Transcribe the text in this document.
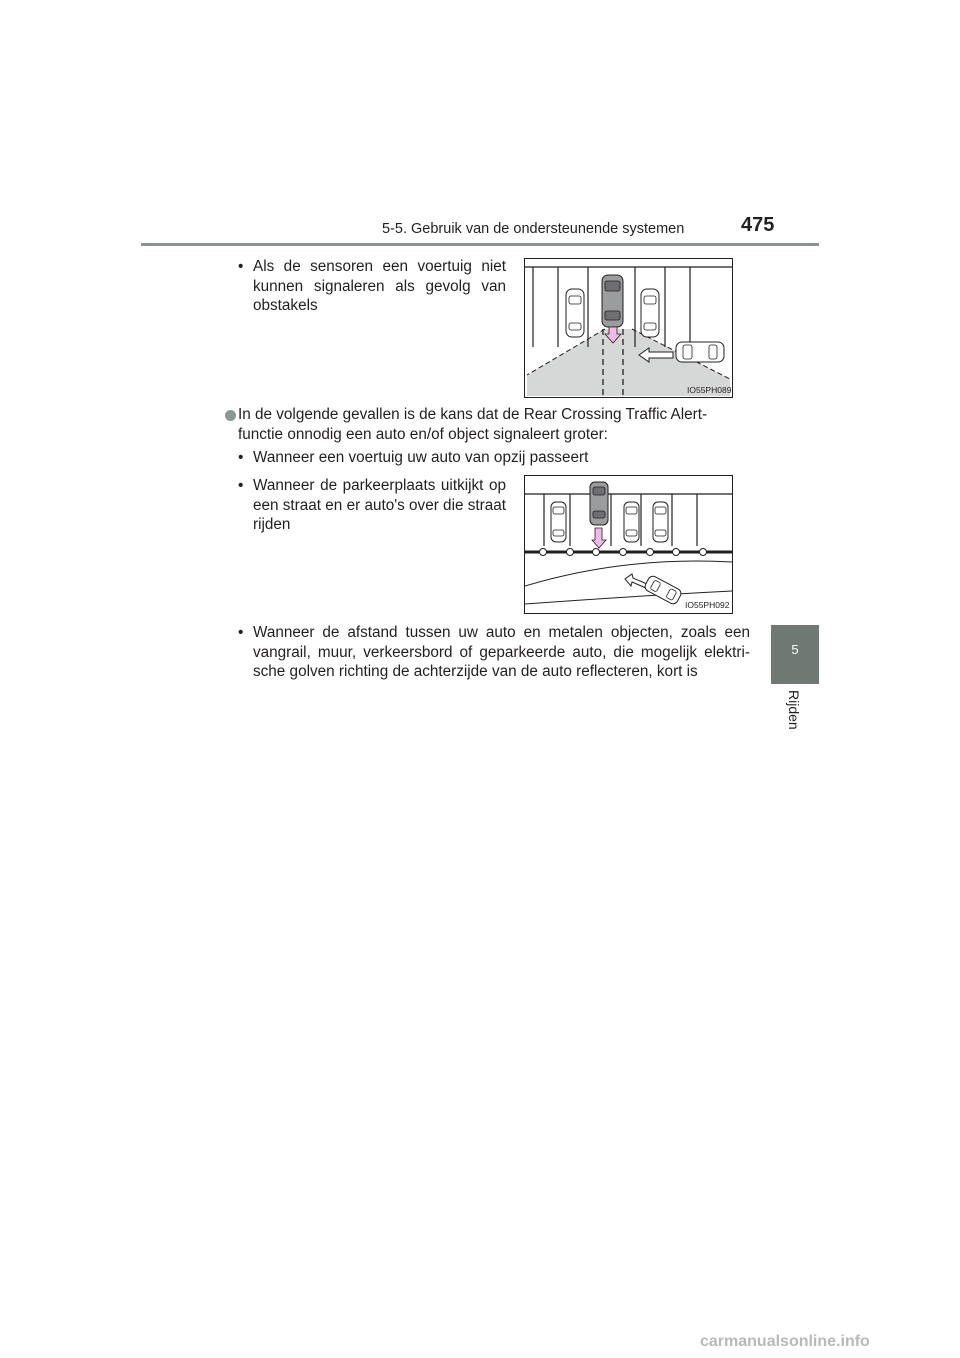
5-5. Gebruik van de ondersteunende systemen	475
5
Rijden
• Als de sensoren een voertuig niet kunnen signaleren als gevolg van obstakels
IO55PH089
In de volgende gevallen is de kans dat de Rear Crossing Traffic Alert-functie onnodig een auto en/of object signaleert groter:
• Wanneer een voertuig uw auto van opzij passeert
• Wanneer de parkeerplaats uitkijkt op een straat en er auto's over die straat rijden
IO55PH092
• Wanneer de afstand tussen uw auto en metalen objecten, zoals een vangrail, muur, verkeersbord of geparkeerde auto, die mogelijk elektri-sche golven richting de achterzijde van de auto reflecteren, kort is
carmanualsonline.info
